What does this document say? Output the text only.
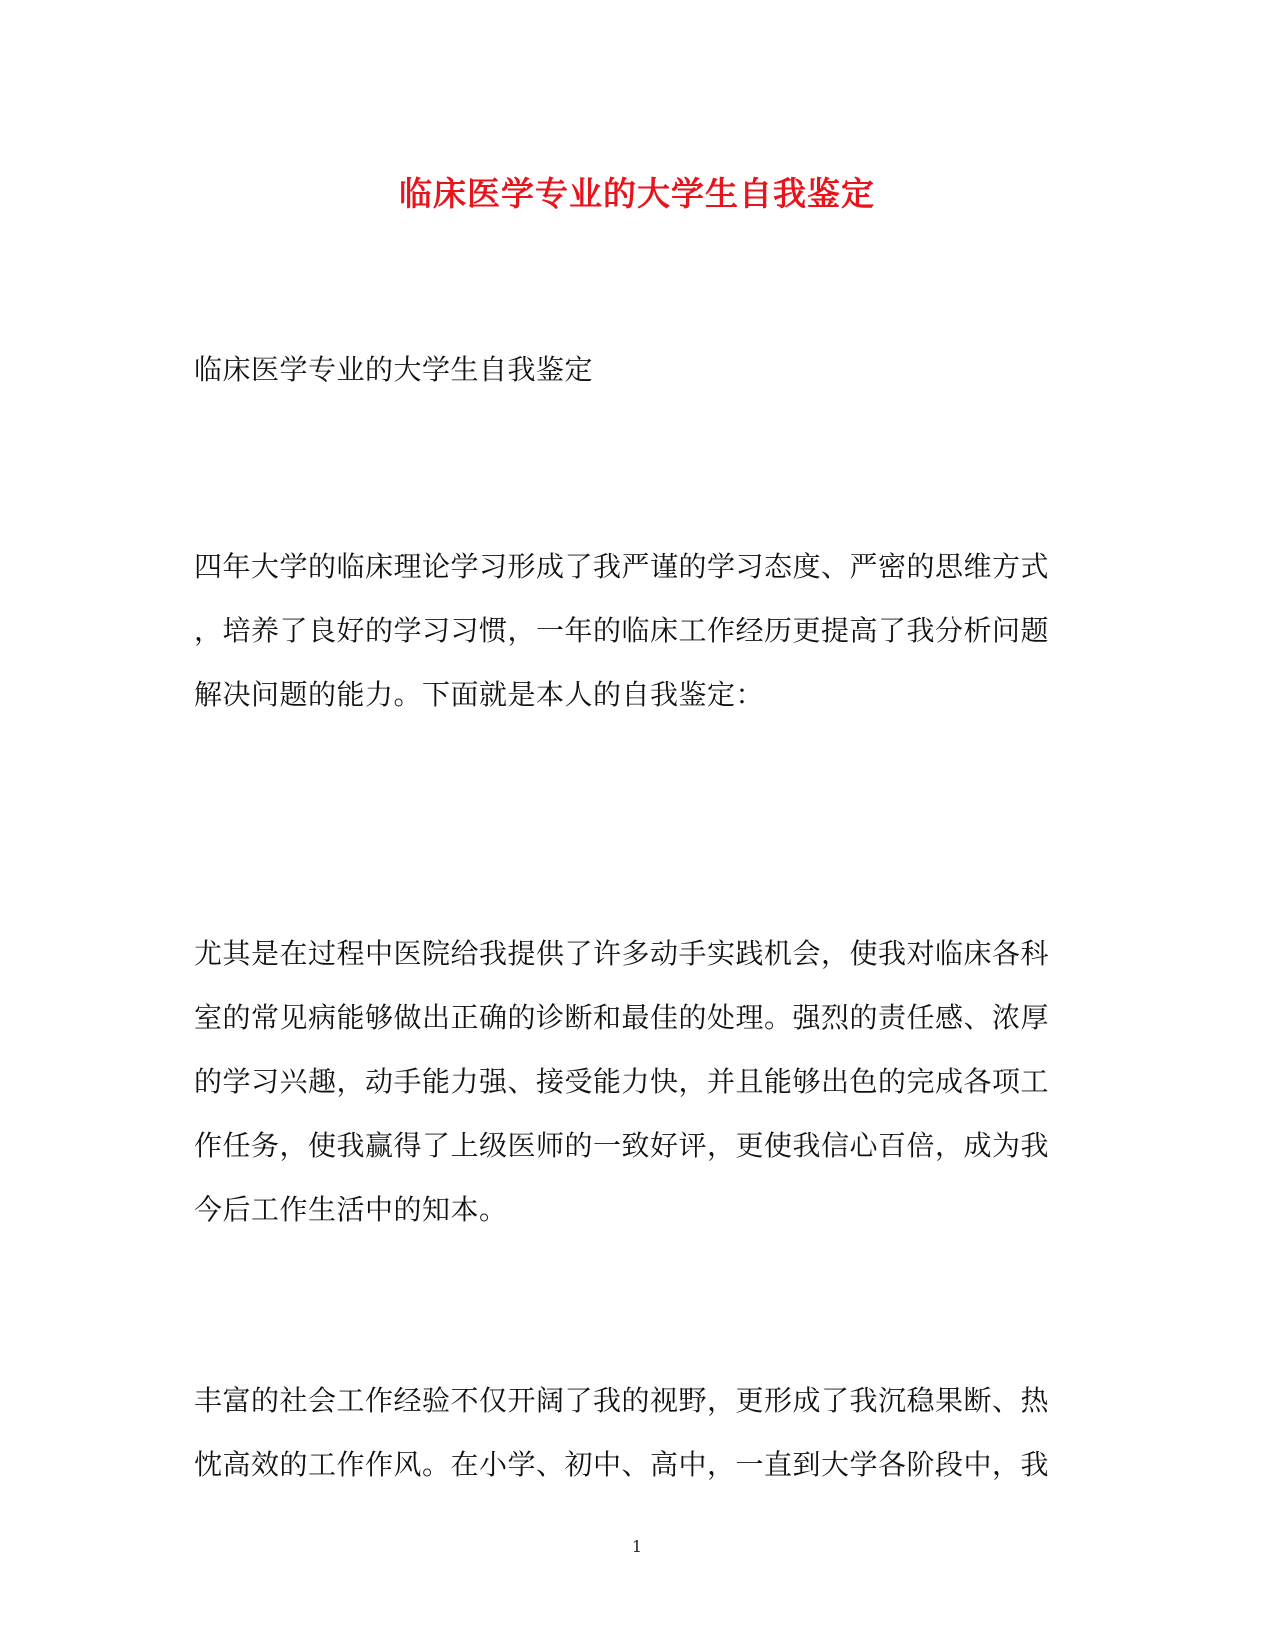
临床医学专业的大学生自我鉴定
临床医学专业的大学生自我鉴定
四年大学的临床理论学习形成了我严谨的学习态度、严密的思维方式
，培养了良好的学习习惯，一年的临床工作经历更提高了我分析问题
解决问题的能力。下面就是本人的自我鉴定：
尤其是在过程中医院给我提供了许多动手实践机会，使我对临床各科
室的常见病能够做出正确的诊断和最佳的处理。强烈的责任感、浓厚
的学习兴趣，动手能力强、接受能力快，并且能够出色的完成各项工
作任务，使我赢得了上级医师的一致好评，更使我信心百倍，成为我
今后工作生活中的知本。
丰富的社会工作经验不仅开阔了我的视野，更形成了我沉稳果断、热
忱高效的工作作风。在小学、初中、高中，一直到大学各阶段中，我
1
